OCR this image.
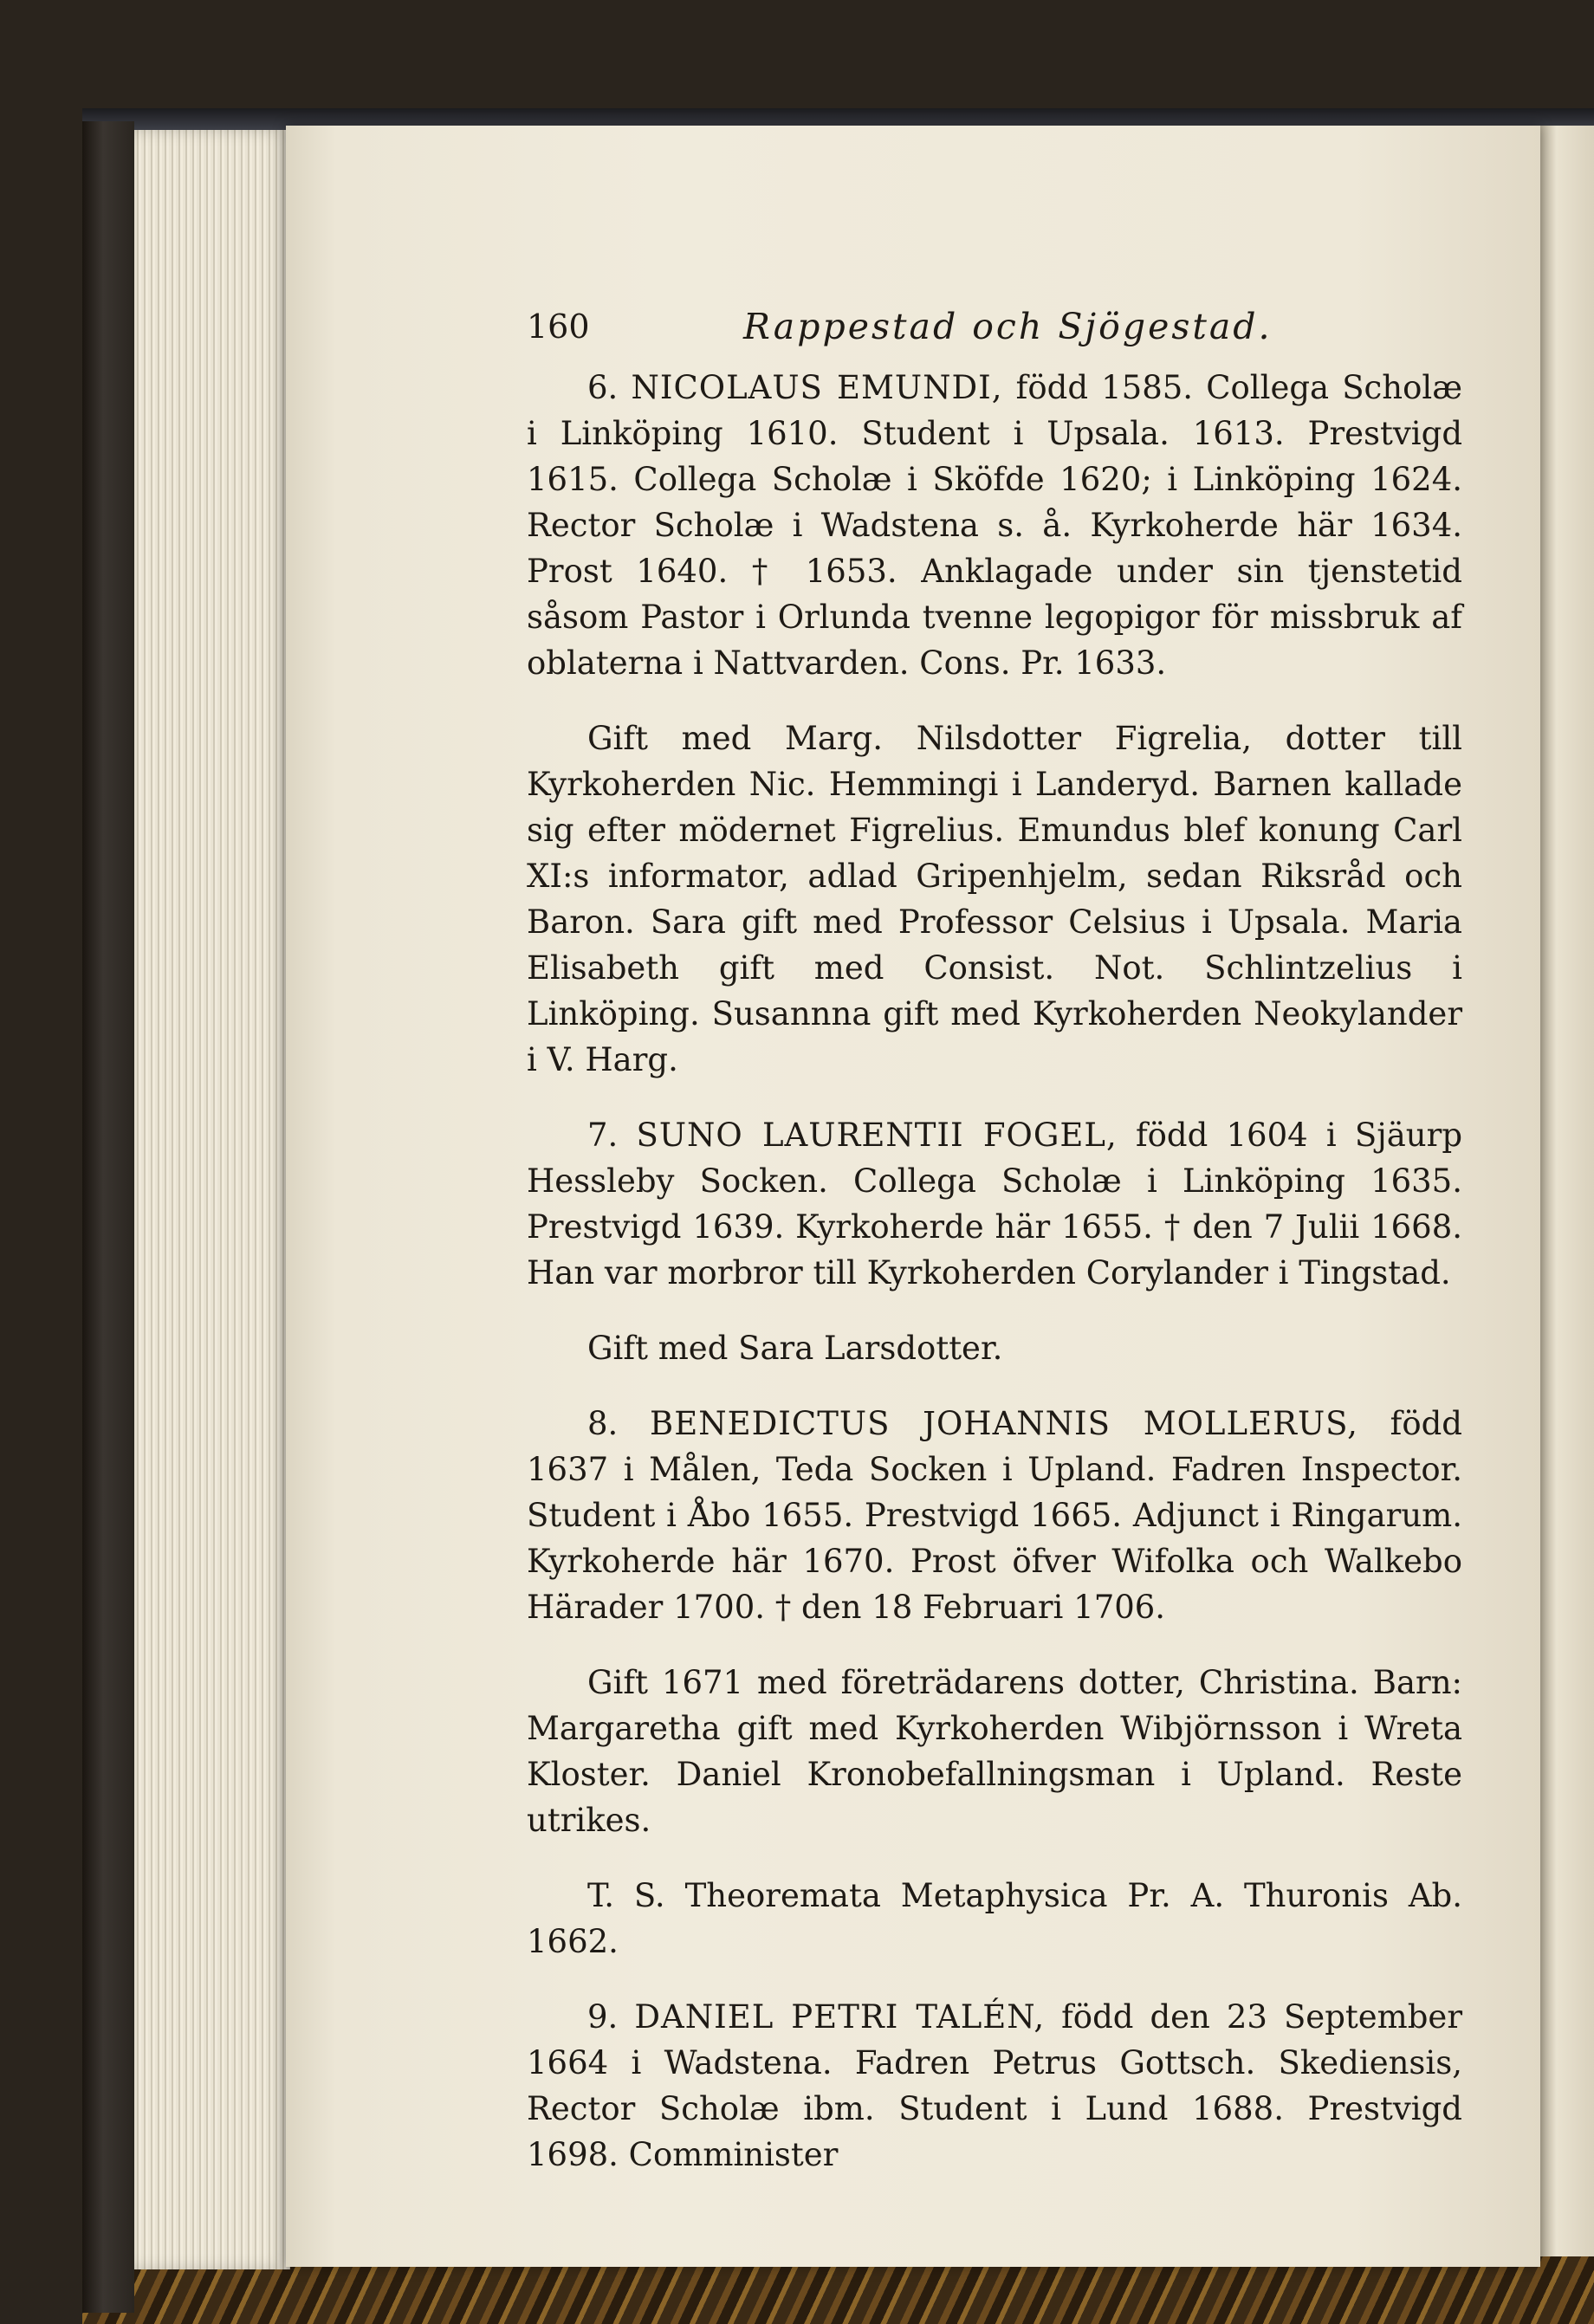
160	Rappestad och Sjögestad.

6. NICOLAUS EMUNDI, född 1585. Collega Scholæ i Linköping 1610. Student i Upsala. 1613. Prestvigd 1615. Collega Scholæ i Sköfde 1620; i Linköping 1624. Rector Scholæ i Wadstena s. å. Kyrkoherde här 1634. Prost 1640. † 1653. Anklagade under sin tjenstetid såsom Pastor i Orlunda tvenne legopigor för missbruk af oblaterna i Nattvarden. Cons. Pr. 1633.

Gift med Marg. Nilsdotter Figrelia, dotter till Kyrkoherden Nic. Hemmingi i Landeryd. Barnen kallade sig efter mödernet Figrelius. Emundus blef konung Carl XI:s informator, adlad Gripenhjelm, sedan Riksråd och Baron. Sara gift med Professor Celsius i Upsala. Maria Elisabeth gift med Consist. Not. Schlintzelius i Linköping. Susannna gift med Kyrkoherden Neokylander i V. Harg.

7. SUNO LAURENTII FOGEL, född 1604 i Sjäurp Hessleby Socken. Collega Scholæ i Linköping 1635. Prestvigd 1639. Kyrkoherde här 1655. † den 7 Julii 1668. Han var morbror till Kyrkoherden Corylander i Tingstad.

Gift med Sara Larsdotter.

8. BENEDICTUS JOHANNIS MOLLERUS, född 1637 i Målen, Teda Socken i Upland. Fadren Inspector. Student i Åbo 1655. Prestvigd 1665. Adjunct i Ringarum. Kyrkoherde här 1670. Prost öfver Wifolka och Walkebo Härader 1700. † den 18 Februari 1706.

Gift 1671 med företrädarens dotter, Christina. Barn: Margaretha gift med Kyrkoherden Wibjörnsson i Wreta Kloster. Daniel Kronobefallningsman i Upland. Reste utrikes.

T. S. Theoremata Metaphysica Pr. A. Thuronis Ab. 1662.

9. DANIEL PETRI TALÉN, född den 23 September 1664 i Wadstena. Fadren Petrus Gottsch. Skediensis, Rector Scholæ ibm. Student i Lund 1688. Prestvigd 1698. Comminister
